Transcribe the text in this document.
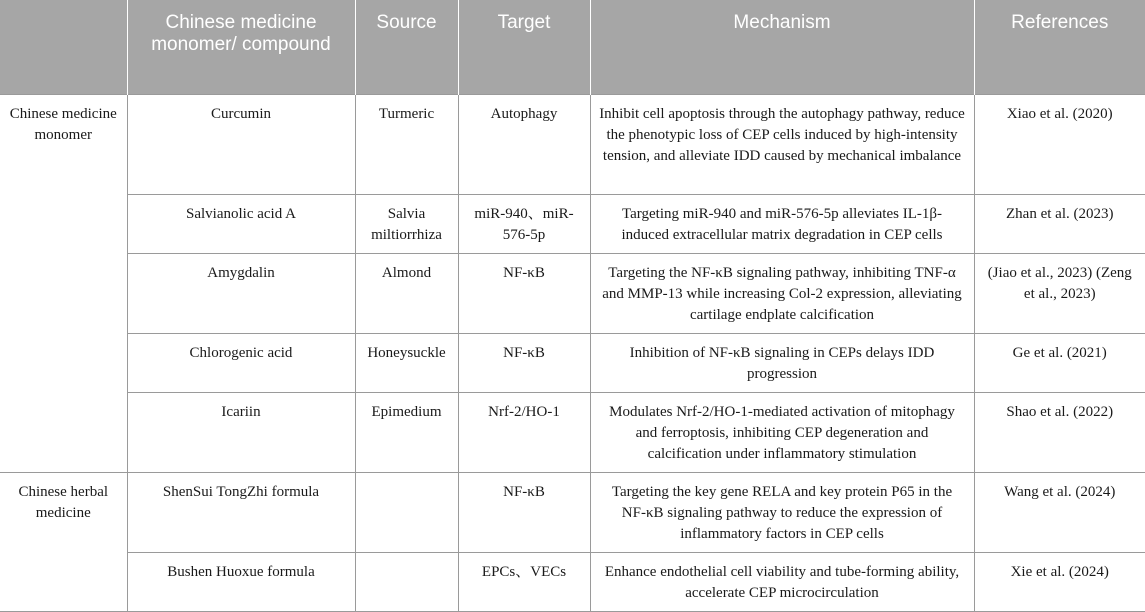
	Chinese medicine monomer/ compound	Source	Target	Mechanism	References
Chinese medicine monomer	Curcumin	Turmeric	Autophagy	Inhibit cell apoptosis through the autophagy pathway, reduce the phenotypic loss of CEP cells induced by high-intensity tension, and alleviate IDD caused by mechanical imbalance	Xiao et al. (2020)
	Salvianolic acid A	Salvia miltiorrhiza	miR-940、miR-576-5p	Targeting miR-940 and miR-576-5p alleviates IL-1β-induced extracellular matrix degradation in CEP cells	Zhan et al. (2023)
	Amygdalin	Almond	NF-κB	Targeting the NF-κB signaling pathway, inhibiting TNF-α and MMP-13 while increasing Col-2 expression, alleviating cartilage endplate calcification	(Jiao et al., 2023) (Zeng et al., 2023)
	Chlorogenic acid	Honeysuckle	NF-κB	Inhibition of NF-κB signaling in CEPs delays IDD progression	Ge et al. (2021)
	Icariin	Epimedium	Nrf-2/HO-1	Modulates Nrf-2/HO-1-mediated activation of mitophagy and ferroptosis, inhibiting CEP degeneration and calcification under inflammatory stimulation	Shao et al. (2022)
Chinese herbal medicine	ShenSui TongZhi formula		NF-κB	Targeting the key gene RELA and key protein P65 in the NF-κB signaling pathway to reduce the expression of inflammatory factors in CEP cells	Wang et al. (2024)
	Bushen Huoxue formula		EPCs、VECs	Enhance endothelial cell viability and tube-forming ability, accelerate CEP microcirculation	Xie et al. (2024)
